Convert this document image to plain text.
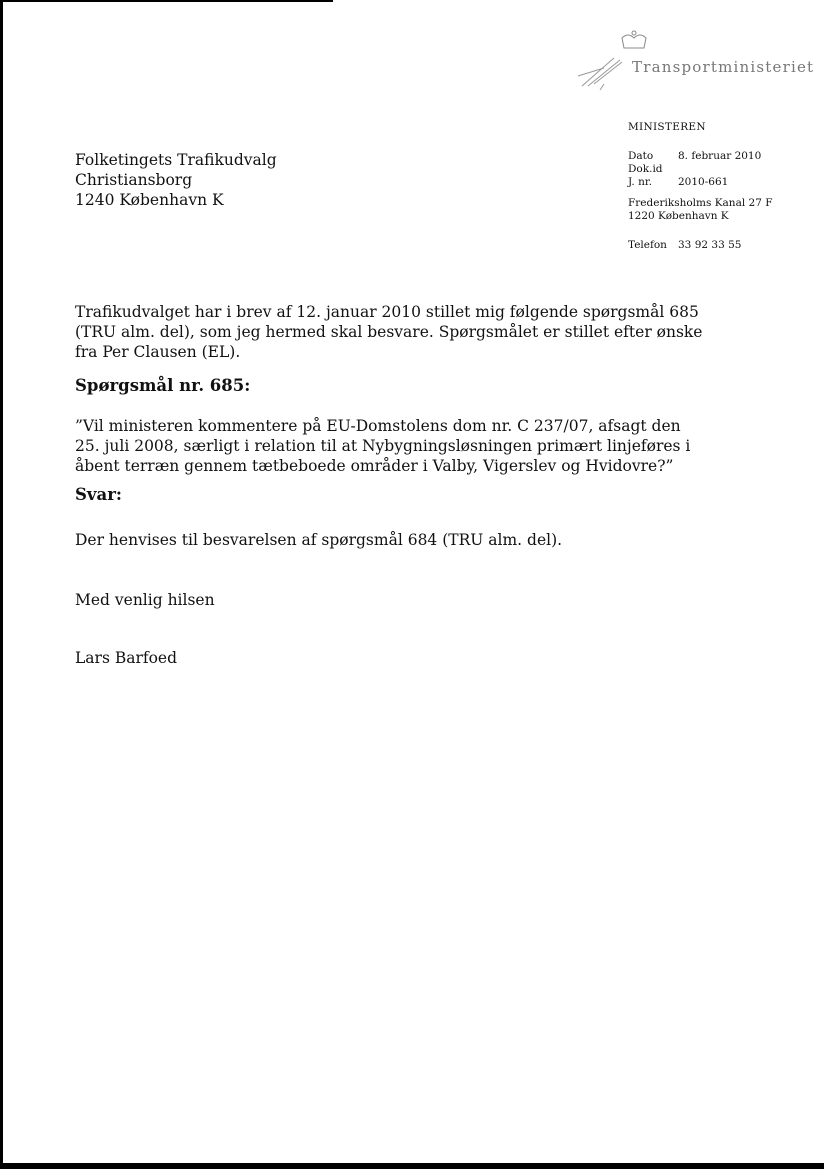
Transportministeriet
Folketingets Trafikudvalg
Christiansborg
1240 København K
MINISTEREN
Dato 8. februar 2010
Dok.id
J. nr. 2010-661
Frederiksholms Kanal 27 F
1220 København K
Telefon 33 92 33 55
Trafikudvalget har i brev af 12. januar 2010 stillet mig følgende spørgsmål 685
(TRU alm. del), som jeg hermed skal besvare. Spørgsmålet er stillet efter ønske
fra Per Clausen (EL).
Spørgsmål nr. 685:
”Vil ministeren kommentere på EU-Domstolens dom nr. C 237/07, afsagt den
25. juli 2008, særligt i relation til at Nybygningsløsningen primært linjeføres i
åbent terræn gennem tætbeboede områder i Valby, Vigerslev og Hvidovre?”
Svar:
Der henvises til besvarelsen af spørgsmål 684 (TRU alm. del).
Med venlig hilsen
Lars Barfoed
